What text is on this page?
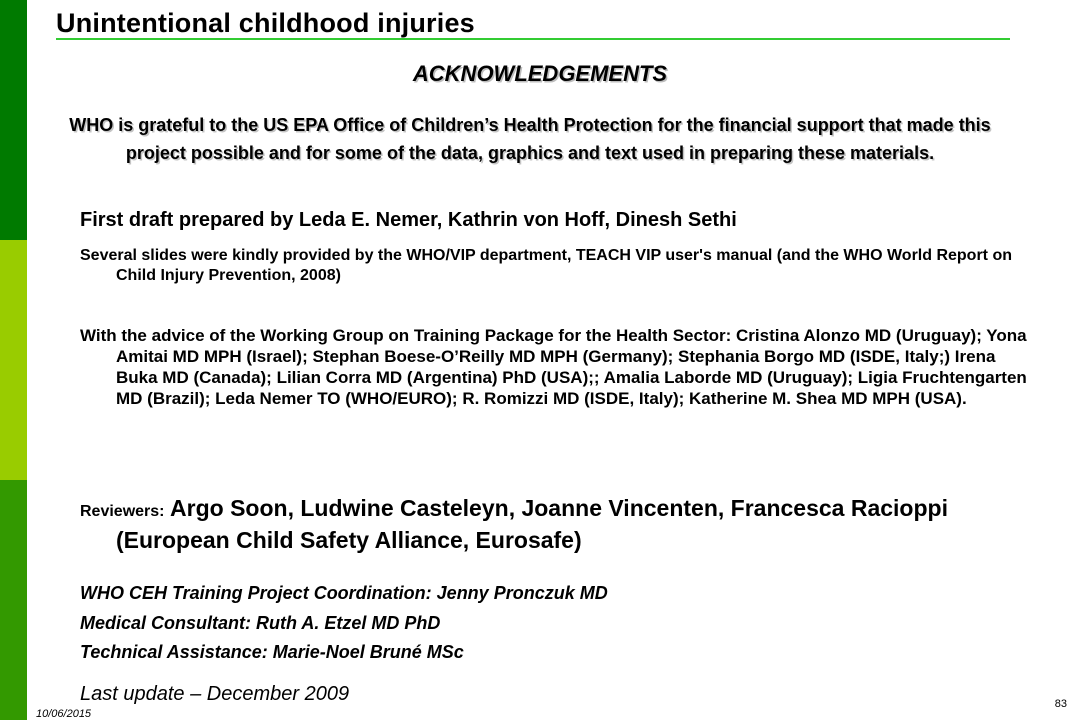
Unintentional childhood injuries
ACKNOWLEDGEMENTS
WHO is grateful to the US EPA Office of Children’s Health Protection for the financial support that made this project possible and for some of the data, graphics and text used in preparing these materials.
First draft prepared by Leda E. Nemer, Kathrin von Hoff, Dinesh Sethi
Several slides were kindly provided by the WHO/VIP department, TEACH VIP user's manual (and the WHO World Report on Child Injury Prevention, 2008)
With the advice of the Working Group on Training Package for the Health Sector: Cristina Alonzo MD (Uruguay); Yona Amitai MD MPH (Israel); Stephan Boese-O’Reilly MD MPH (Germany); Stephania Borgo MD (ISDE, Italy;) Irena Buka MD (Canada); Lilian Corra MD (Argentina) PhD (USA);; Amalia Laborde MD (Uruguay); Ligia Fruchtengarten MD (Brazil); Leda Nemer TO (WHO/EURO); R. Romizzi MD (ISDE, Italy); Katherine M. Shea MD MPH (USA).
Reviewers: Argo Soon, Ludwine Casteleyn, Joanne Vincenten, Francesca Racioppi (European Child Safety Alliance, Eurosafe)
WHO CEH Training Project Coordination: Jenny Pronczuk MD
Medical Consultant: Ruth A. Etzel MD PhD
Technical Assistance: Marie-Noel Bruné MSc
Last update – December 2009
10/06/2015
83
